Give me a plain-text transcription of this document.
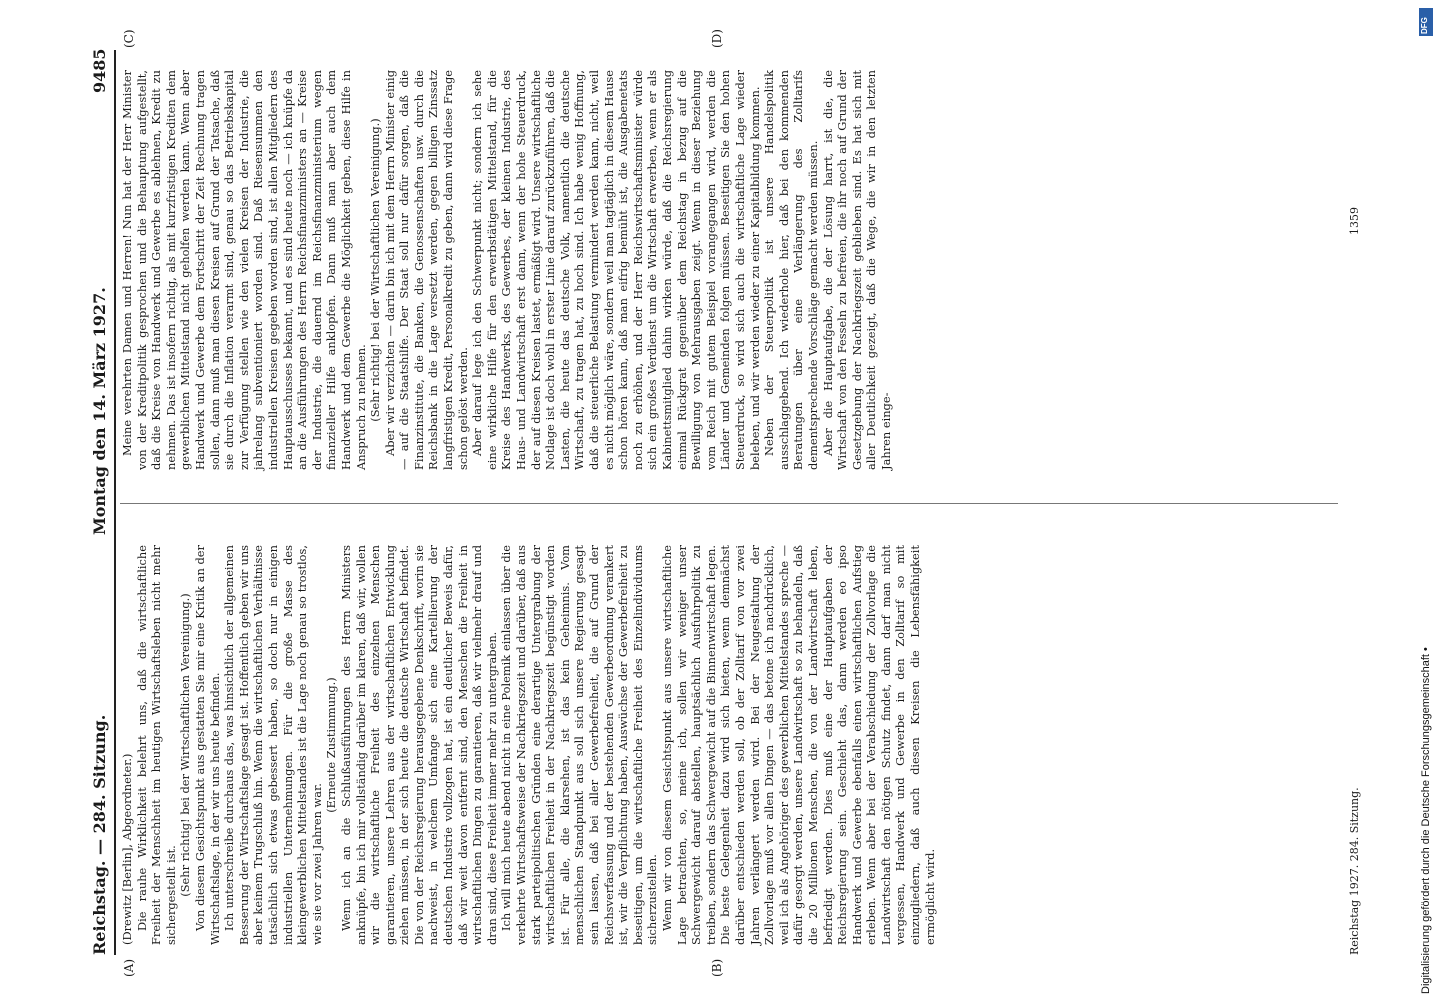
Reichstag. — 284. Sitzung.
Montag den 14. März 1927.
9485
(A)	(B)
(C)	(D)

(Drewitz [Berlin], Abgeordneter.) Die rauhe Wirklichkeit belehrt uns, daß die wirtschaftliche Freiheit der Menschheit im heutigen Wirtschaftsleben nicht mehr sichergestellt ist. (Sehr richtig! bei der Wirtschaftlichen Vereinigung.) Von diesem Gesichtspunkt aus gestatten Sie mir eine Kritik an der Wirtschaftslage, in der wir uns heute befinden. Ich unterschreibe durchaus das, was hinsichtlich der allgemeinen Besserung der Wirtschaftslage gesagt ist. Hoffentlich geben wir uns aber keinem Trugschluß hin. Wenn die wirtschaftlichen Verhältnisse tatsächlich sich etwas gebessert haben, so doch nur in einigen industriellen Unternehmungen. Für die große Masse des kleingewerblichen Mittelstandes ist die Lage noch genau so trostlos, wie sie vor zwei Jahren war.

(Erneute Zustimmung.) Wenn ich an die Schlußausführungen des Herrn Ministers anknüpfe, bin ich mir vollständig darüber im klaren, daß wir, wollen wir die wirtschaftliche Freiheit des einzelnen Menschen garantieren, unsere Lehren aus der wirtschaftlichen Entwicklung ziehen müssen, in der sich heute die deutsche Wirtschaft befindet. Die von der Reichsregierung herausgegebene Denkschrift, worin sie nachweist, in welchem Umfange sich eine Kartellierung der deutschen Industrie vollzogen hat, ist ein deutlicher Beweis dafür, daß wir weit davon entfernt sind, den Menschen die Freiheit in wirtschaftlichen Dingen zu garantieren, daß wir vielmehr drauf und dran sind, diese Freiheit immer mehr zu untergraben. Ich will mich heute abend nicht in eine Polemik einlassen über die verkehrte Wirtschaftsweise der Nachkriegszeit und darüber, daß aus stark parteipolitischen Gründen eine derartige Untergrabung der wirtschaftlichen Freiheit in der Nachkriegszeit begünstigt worden ist. Für alle, die klarsehen, ist das kein Geheimnis. Vom menschlichen Standpunkt aus soll sich unsere Regierung gesagt sein lassen, daß bei aller Gewerbefreiheit, die auf Grund der Reichsverfassung und der bestehenden Gewerbeordnung verankert ist, wir die Verpflichtung haben, Auswüchse der Gewerbefreiheit zu beseitigen, um die wirtschaftliche Freiheit des Einzelindividuums sicherzustellen. Wenn wir von diesem Gesichtspunkt aus unsere wirtschaftliche Lage betrachten, so, meine ich, sollen wir weniger unser Schwergewicht darauf abstellen, hauptsächlich Ausfuhrpolitik zu treiben, sondern das Schwergewicht auf die Binnenwirtschaft legen. Die beste Gelegenheit dazu wird sich bieten, wenn demnächst darüber entschieden werden soll, ob der Zolltarif von vor zwei Jahren verlängert werden wird. Bei der Neugestaltung der Zollvorlage muß vor allen Dingen — das betone ich nachdrücklich, weil ich als Angehöriger des gewerblichen Mittelstandes spreche — dafür gesorgt werden, unsere Landwirtschaft so zu behandeln, daß die 20 Millionen Menschen, die von der Landwirtschaft leben, befriedigt werden. Dies muß eine der Hauptaufgaben der Reichsregierung sein. Geschieht das, dann werden eo ipso Handwerk und Gewerbe ebenfalls einen wirtschaftlichen Aufstieg erleben. Wenn aber bei der Verabschiedung der Zollvorlage die Landwirtschaft den nötigen Schutz findet, dann darf man nicht vergessen, Handwerk und Gewerbe in den Zolltarif so mit einzugliedern, daß auch diesen Kreisen die Lebensfähigkeit ermöglicht wird.

Meine verehrten Damen und Herren! Nun hat der Herr Minister von der Kreditpolitik gesprochen und die Behauptung aufgestellt, daß die Kreise von Handwerk und Gewerbe es ablehnen, Kredit zu nehmen. Das ist insofern richtig, als mit kurzfristigen Krediten dem gewerblichen Mittelstand nicht geholfen werden kann. Wenn aber Handwerk und Gewerbe dem Fortschritt der Zeit Rechnung tragen sollen, dann muß man diesen Kreisen auf Grund der Tatsache, daß sie durch die Inflation verarmt sind, genau so das Betriebskapital zur Verfügung stellen wie den vielen Kreisen der Industrie, die jahrelang subventioniert worden sind. Daß Riesensummen den industriellen Kreisen gegeben worden sind, ist allen Mitgliedern des Hauptausschusses bekannt, und es sind heute noch — ich knüpfe da an die Ausführungen des Herrn Reichsfinanzministers an — Kreise der Industrie, die dauernd im Reichsfinanzministerium wegen finanzieller Hilfe anklopfen. Dann muß man aber auch dem Handwerk und dem Gewerbe die Möglichkeit geben, diese Hilfe in Anspruch zu nehmen. (Sehr richtig! bei der Wirtschaftlichen Vereinigung.) Aber wir verzichten — darin bin ich mit dem Herrn Minister einig — auf die Staatshilfe. Der Staat soll nur dafür sorgen, daß die Finanzinstitute, die Banken, die Genossenschaften usw. durch die Reichsbank in die Lage versetzt werden, gegen billigen Zinssatz langfristigen Kredit, Personalkredit zu geben, dann wird diese Frage schon gelöst werden. Aber darauf lege ich den Schwerpunkt nicht; sondern ich sehe eine wirkliche Hilfe für den erwerbstätigen Mittelstand, für die Kreise des Handwerks, des Gewerbes, der kleinen Industrie, des Haus- und Landwirtschaft erst dann, wenn der hohe Steuerdruck, der auf diesen Kreisen lastet, ermäßigt wird. Unsere wirtschaftliche Notlage ist doch wohl in erster Linie darauf zurückzuführen, daß die Lasten, die heute das deutsche Volk, namentlich die deutsche Wirtschaft, zu tragen hat, zu hoch sind. Ich habe wenig Hoffnung, daß die steuerliche Belastung vermindert werden kann, nicht, weil es nicht möglich wäre, sondern weil man tagtäglich in diesem Hause schon hören kann, daß man eifrig bemüht ist, die Ausgabenetats noch zu erhöhen, und der Herr Reichswirtschaftsminister würde sich ein großes Verdienst um die Wirtschaft erwerben, wenn er als Kabinettsmitglied dahin wirken würde, daß die Reichsregierung einmal Rückgrat gegenüber dem Reichstag in bezug auf die Bewilligung von Mehrausgaben zeigt. Wenn in dieser Beziehung vom Reich mit gutem Beispiel vorangegangen wird, werden die Länder und Gemeinden folgen müssen. Beseitigen Sie den hohen Steuerdruck, so wird sich auch die wirtschaftliche Lage wieder beleben, und wir werden wieder zu einer Kapitalbildung kommen. Neben der Steuerpolitik ist unsere Handelspolitik ausschlaggebend. Ich wiederhole hier, daß bei den kommenden Beratungen über eine Verlängerung des Zolltarifs dementsprechende Vorschläge gemacht werden müssen. Aber die Hauptaufgabe, die der Lösung harrt, ist die, die Wirtschaft von den Fesseln zu befreien, die ihr noch auf Grund der Gesetzgebung der Nachkriegszeit geblieben sind. Es hat sich mit aller Deutlichkeit gezeigt, daß die Wege, die wir in den letzten Jahren einge-

Reichstag 1927. 284. Sitzung.
1359
Digitalisierung gefördert durch die Deutsche Forschungsgemeinschaft •
DFG
